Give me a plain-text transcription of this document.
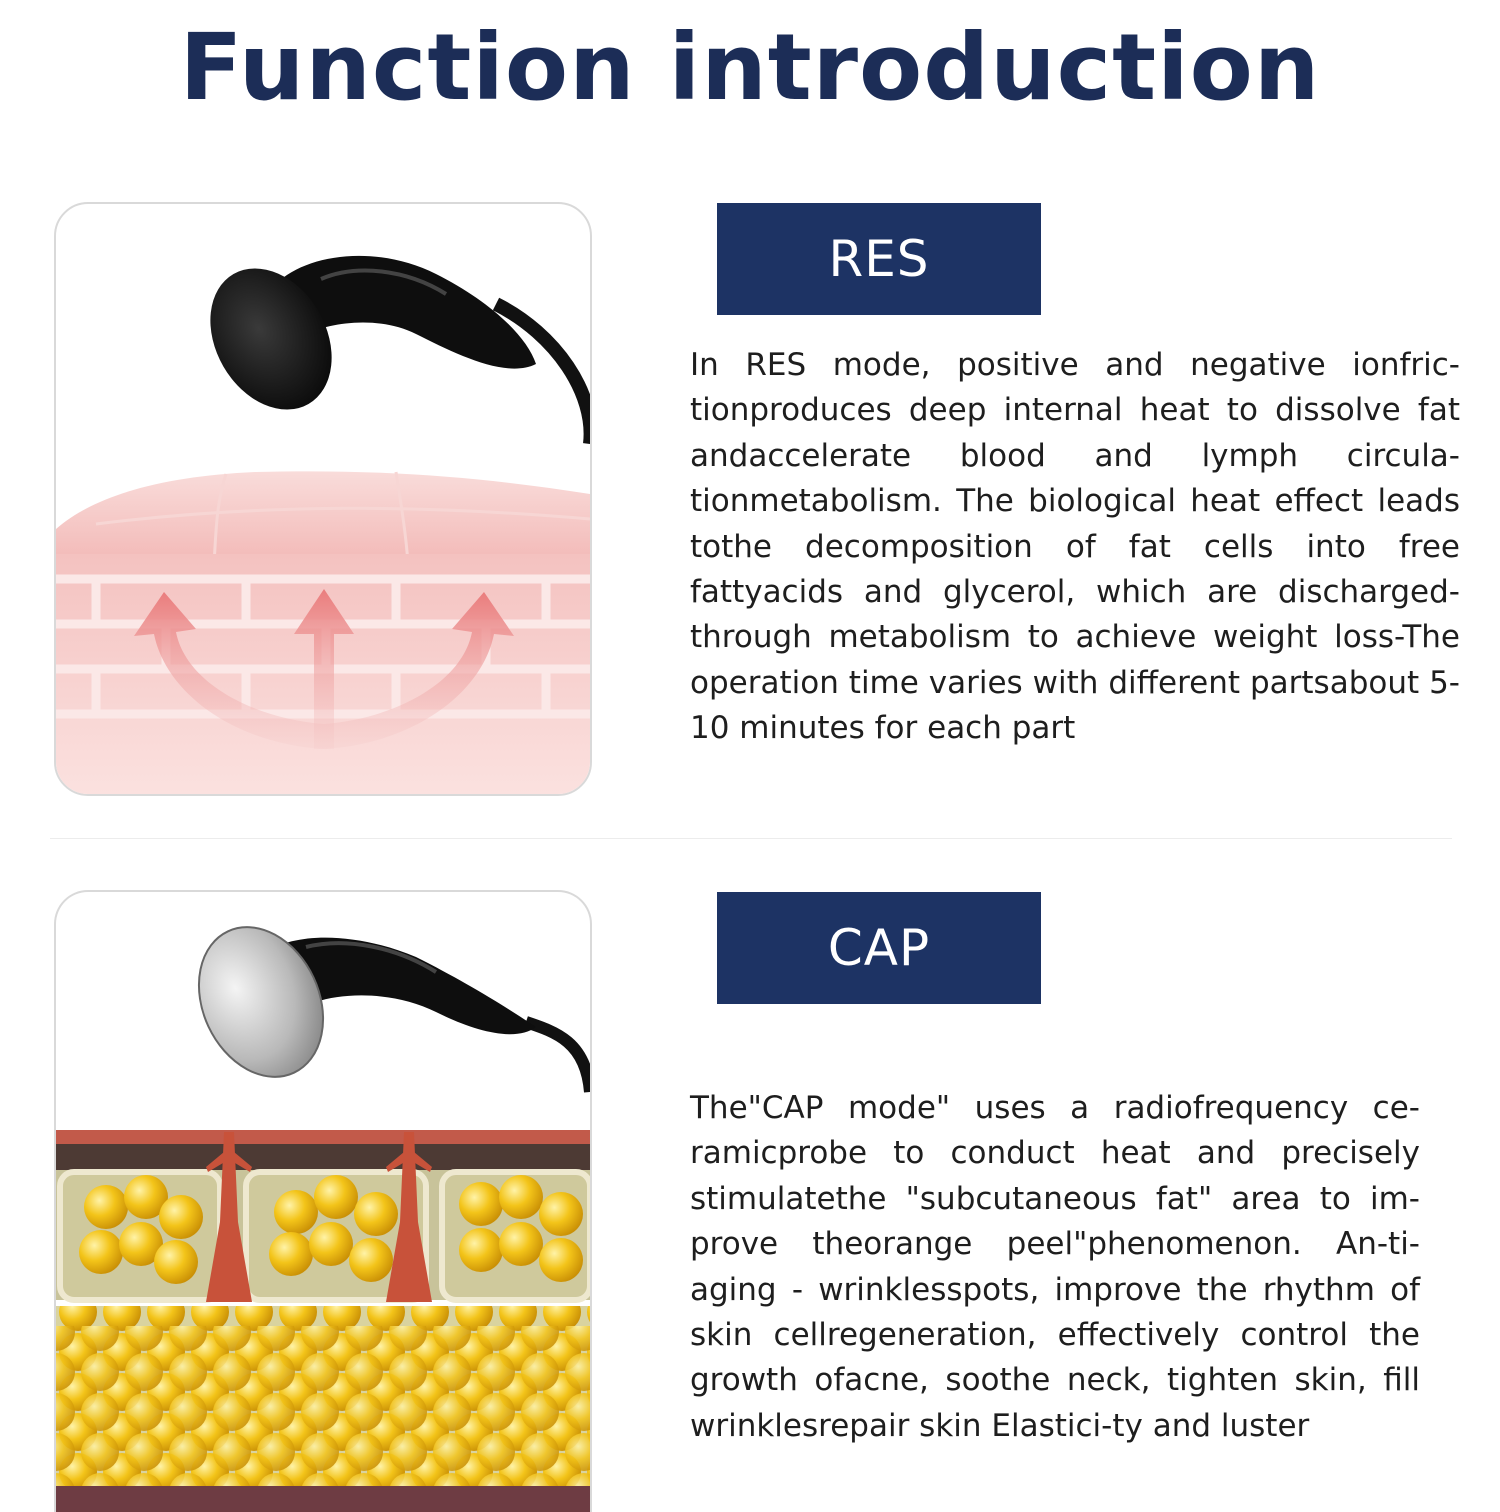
Function introduction
RES

In RES mode, positive and negative ionfric-tionproduces deep internal heat to dissolve fat andaccelerate blood and lymph circula-tionmetabolism. The biological heat effect leads tothe decomposition of fat cells into free fattyacids and glycerol, which are discharged-through metabolism to achieve weight loss-The operation time varies with different partsabout 5-10 minutes for each part

CAP

The"CAP mode" uses a radiofrequency ce-ramicprobe to conduct heat and precisely stimulatethe "subcutaneous fat" area to im-prove theorange peel"phenomenon. An-ti-aging - wrinklesspots, improve the rhythm of skin cellregeneration, effectively control the growth ofacne, soothe neck, tighten skin, fill wrinklesrepair skin Elastici-ty and luster
